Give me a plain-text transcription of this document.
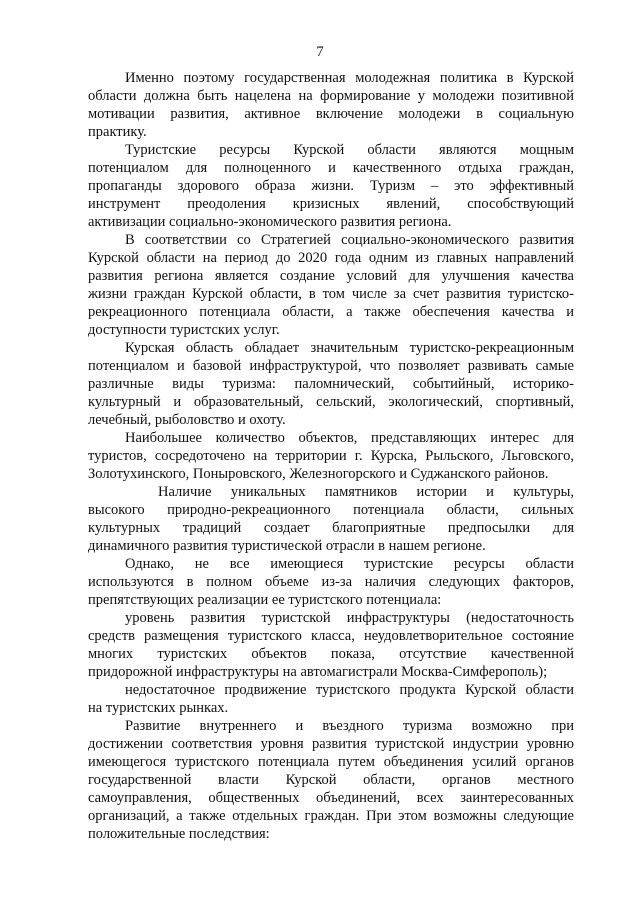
7
Именно поэтому государственная молодежная политика в Курской
области должна быть нацелена на формирование у молодежи позитивной
мотивации развития, активное включение молодежи в социальную
практику.
Туристские ресурсы Курской области являются мощным
потенциалом для полноценного и качественного отдыха граждан,
пропаганды здорового образа жизни. Туризм – это эффективный
инструмент преодоления кризисных явлений, способствующий
активизации социально-экономического развития региона.
В соответствии со Стратегией социально-экономического развития
Курской области на период до 2020 года одним из главных направлений
развития региона является создание условий для улучшения качества
жизни граждан Курской области, в том числе за счет развития туристско-
рекреационного потенциала области, а также обеспечения качества и
доступности туристских услуг.
Курская область обладает значительным туристско-рекреационным
потенциалом и базовой инфраструктурой, что позволяет развивать самые
различные виды туризма: паломнический, событийный, историко-
культурный и образовательный, сельский, экологический, спортивный,
лечебный, рыболовство и охоту.
Наибольшее количество объектов, представляющих интерес для
туристов, сосредоточено на территории г. Курска, Рыльского, Льговского,
Золотухинского, Поныровского, Железногорского и Суджанского районов.
Наличие уникальных памятников истории и культуры,
высокого природно-рекреационного потенциала области, сильных
культурных традиций создает благоприятные предпосылки для
динамичного развития туристической отрасли в нашем регионе.
Однако, не все имеющиеся туристские ресурсы области
используются в полном объеме из-за наличия следующих факторов,
препятствующих реализации ее туристского потенциала:
уровень развития туристской инфраструктуры (недостаточность
средств размещения туристского класса, неудовлетворительное состояние
многих туристских объектов показа, отсутствие качественной
придорожной инфраструктуры на автомагистрали Москва-Симферополь);
недостаточное продвижение туристского продукта Курской области
на туристских рынках.
Развитие внутреннего и въездного туризма возможно при
достижении соответствия уровня развития туристской индустрии уровню
имеющегося туристского потенциала путем объединения усилий органов
государственной власти Курской области, органов местного
самоуправления, общественных объединений, всех заинтересованных
организаций, а также отдельных граждан. При этом возможны следующие
положительные последствия:
